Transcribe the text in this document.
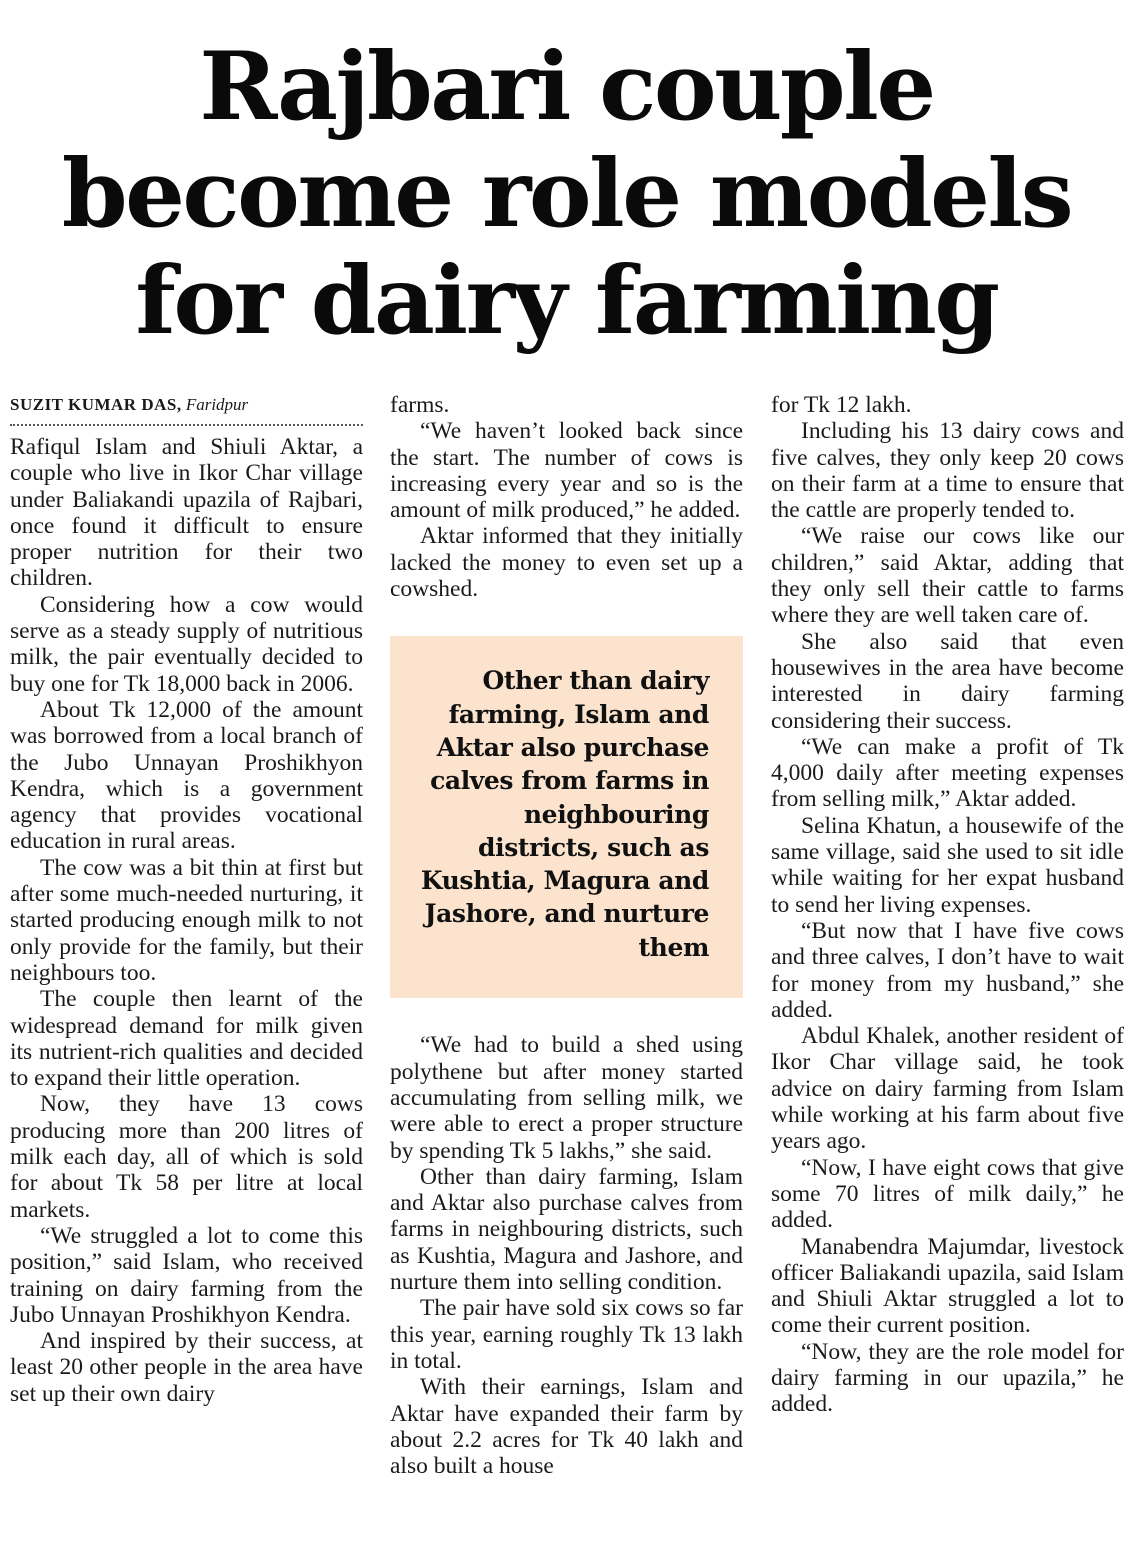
Rajbari couple become role models for dairy farming
SUZIT KUMAR DAS, Faridpur

Rafiqul Islam and Shiuli Aktar, a couple who live in Ikor Char village under Baliakandi upazila of Rajbari, once found it difficult to ensure proper nutrition for their two children.

Considering how a cow would serve as a steady supply of nutritious milk, the pair eventually decided to buy one for Tk 18,000 back in 2006.

About Tk 12,000 of the amount was borrowed from a local branch of the Jubo Unnayan Proshikhyon Kendra, which is a government agency that provides vocational education in rural areas.

The cow was a bit thin at first but after some much-needed nurturing, it started producing enough milk to not only provide for the family, but their neighbours too.

The couple then learnt of the widespread demand for milk given its nutrient-rich qualities and decided to expand their little operation.

Now, they have 13 cows producing more than 200 litres of milk each day, all of which is sold for about Tk 58 per litre at local markets.

“We struggled a lot to come this position,” said Islam, who received training on dairy farming from the Jubo Unnayan Proshikhyon Kendra.

And inspired by their success, at least 20 other people in the area have set up their own dairy

farms.

“We haven’t looked back since the start. The number of cows is increasing every year and so is the amount of milk produced,” he added.

Aktar informed that they initially lacked the money to even set up a cowshed.

Other than dairy farming, Islam and Aktar also purchase calves from farms in neighbouring districts, such as Kushtia, Magura and Jashore, and nurture them

“We had to build a shed using polythene but after money started accumulating from selling milk, we were able to erect a proper structure by spending Tk 5 lakhs,” she said.

Other than dairy farming, Islam and Aktar also purchase calves from farms in neighbouring districts, such as Kushtia, Magura and Jashore, and nurture them into selling condition.

The pair have sold six cows so far this year, earning roughly Tk 13 lakh in total.

With their earnings, Islam and Aktar have expanded their farm by about 2.2 acres for Tk 40 lakh and also built a house

for Tk 12 lakh.

Including his 13 dairy cows and five calves, they only keep 20 cows on their farm at a time to ensure that the cattle are properly tended to.

“We raise our cows like our children,” said Aktar, adding that they only sell their cattle to farms where they are well taken care of.

She also said that even housewives in the area have become interested in dairy farming considering their success.

“We can make a profit of Tk 4,000 daily after meeting expenses from selling milk,” Aktar added.

Selina Khatun, a housewife of the same village, said she used to sit idle while waiting for her expat husband to send her living expenses.

“But now that I have five cows and three calves, I don’t have to wait for money from my husband,” she added.

Abdul Khalek, another resident of Ikor Char village said, he took advice on dairy farming from Islam while working at his farm about five years ago.

“Now, I have eight cows that give some 70 litres of milk daily,” he added.

Manabendra Majumdar, livestock officer Baliakandi upazila, said Islam and Shiuli Aktar struggled a lot to come their current position.

“Now, they are the role model for dairy farming in our upazila,” he added.
